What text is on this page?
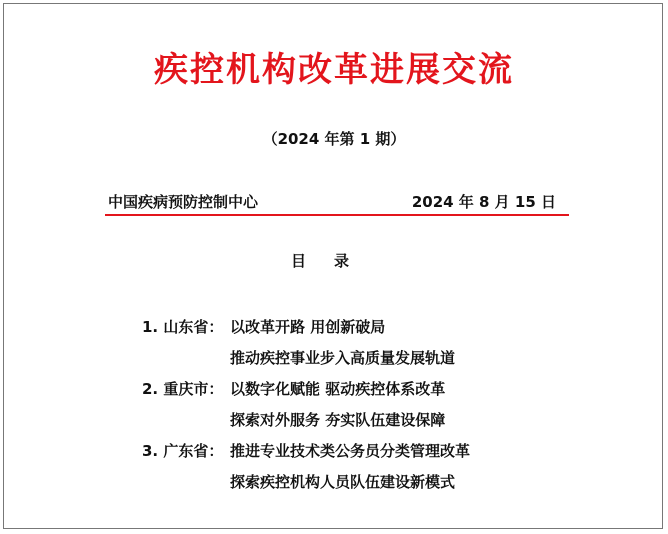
疾控机构改革进展交流
（2024 年第 1 期）
中国疾病预防控制中心	2024 年 8 月 15 日
目录
1. 山东省： 以改革开路 用创新破局
推动疾控事业步入高质量发展轨道
2. 重庆市： 以数字化赋能 驱动疾控体系改革
探索对外服务 夯实队伍建设保障
3. 广东省： 推进专业技术类公务员分类管理改革
探索疾控机构人员队伍建设新模式
